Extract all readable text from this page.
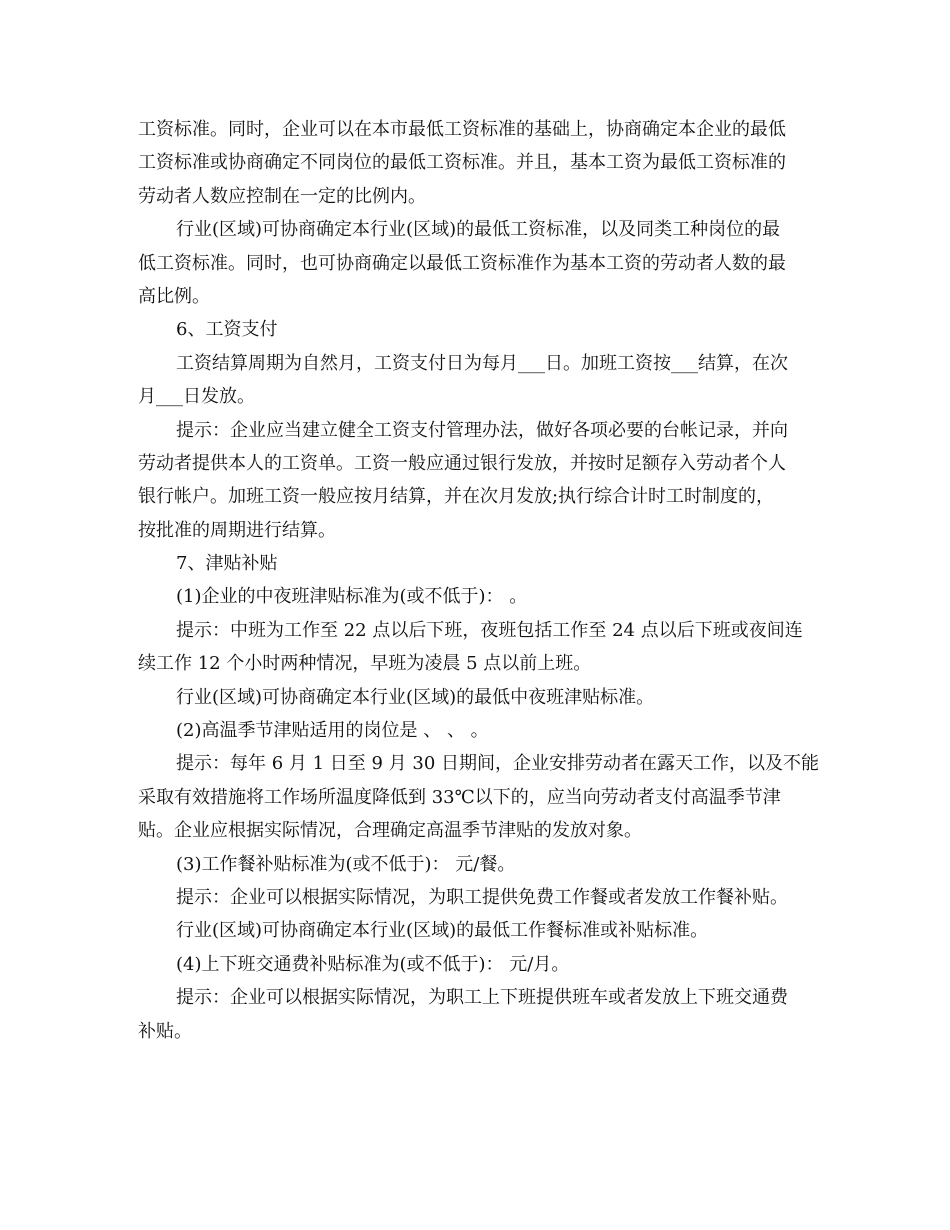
工资标准。同时，企业可以在本市最低工资标准的基础上，协商确定本企业的最低
工资标准或协商确定不同岗位的最低工资标准。并且，基本工资为最低工资标准的
劳动者人数应控制在一定的比例内。
行业(区域)可协商确定本行业(区域)的最低工资标准，以及同类工种岗位的最
低工资标准。同时，也可协商确定以最低工资标准作为基本工资的劳动者人数的最
高比例。
6、工资支付
工资结算周期为自然月，工资支付日为每月___日。加班工资按___结算，在次
月___日发放。
提示：企业应当建立健全工资支付管理办法，做好各项必要的台帐记录，并向
劳动者提供本人的工资单。工资一般应通过银行发放，并按时足额存入劳动者个人
银行帐户。加班工资一般应按月结算，并在次月发放;执行综合计时工时制度的，
按批准的周期进行结算。
7、津贴补贴
(1)企业的中夜班津贴标准为(或不低于)： 。
提示：中班为工作至 22 点以后下班，夜班包括工作至 24 点以后下班或夜间连
续工作 12 个小时两种情况，早班为凌晨 5 点以前上班。
行业(区域)可协商确定本行业(区域)的最低中夜班津贴标准。
(2)高温季节津贴适用的岗位是 、 、 。
提示：每年 6 月 1 日至 9 月 30 日期间，企业安排劳动者在露天工作，以及不能
采取有效措施将工作场所温度降低到 33℃以下的，应当向劳动者支付高温季节津
贴。企业应根据实际情况，合理确定高温季节津贴的发放对象。
(3)工作餐补贴标准为(或不低于)： 元/餐。
提示：企业可以根据实际情况，为职工提供免费工作餐或者发放工作餐补贴。
行业(区域)可协商确定本行业(区域)的最低工作餐标准或补贴标准。
(4)上下班交通费补贴标准为(或不低于)： 元/月。
提示：企业可以根据实际情况，为职工上下班提供班车或者发放上下班交通费
补贴。
